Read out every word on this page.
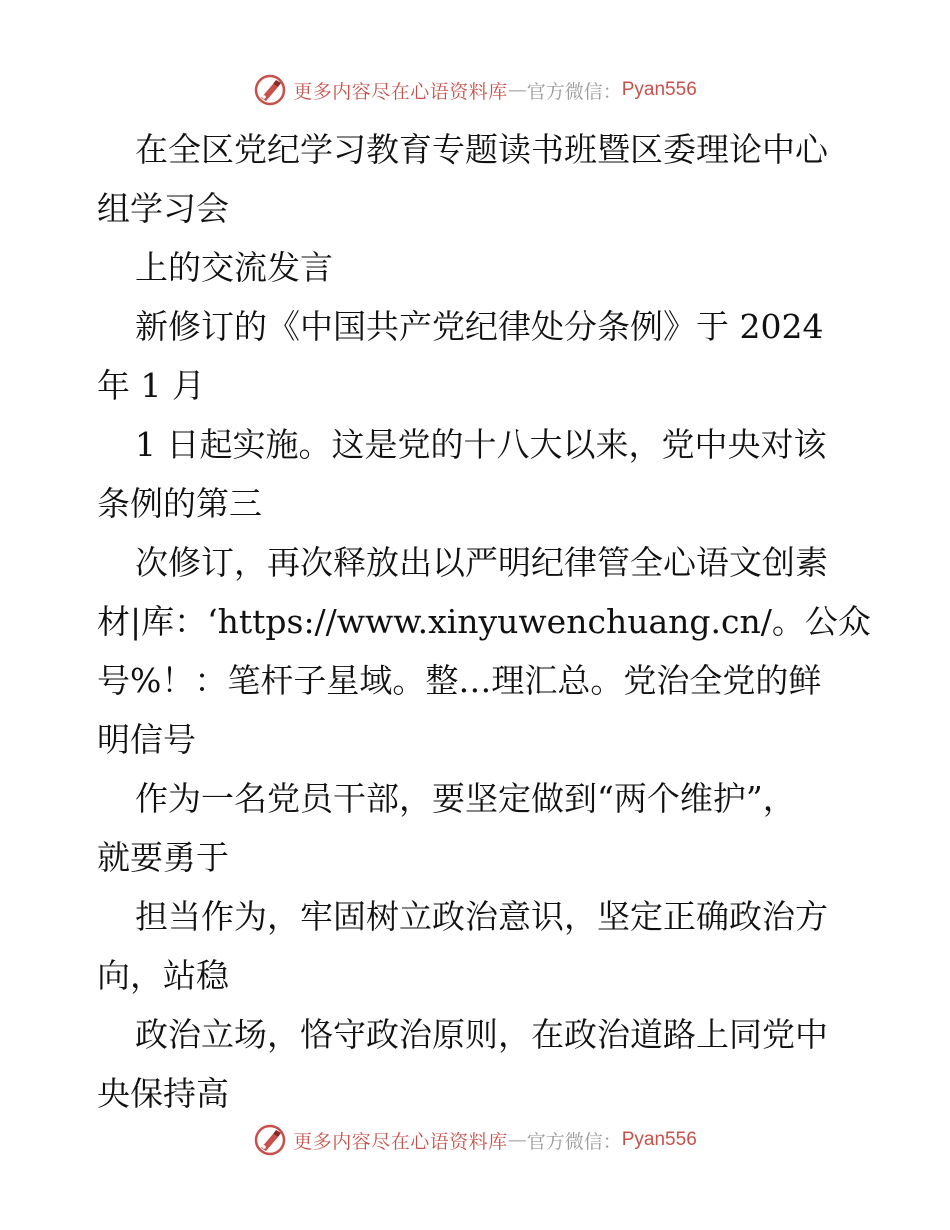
更多内容尽在心语资料库 — 官方微信： Pyan556
在全区党纪学习教育专题读书班暨区委理论中心
组学习会
上的交流发言
新修订的《中国共产党纪律处分条例》于 2024
年 1 月
1 日起实施。这是党的十八大以来，党中央对该
条例的第三
次修订，再次释放出以严明纪律管全心语文创素
材|库：‘https://www.xinyuwenchuang.cn/。公众
号%！：笔杆子星域。整…理汇总。党治全党的鲜
明信号
作为一名党员干部，要坚定做到“两个维护”，
就要勇于
担当作为，牢固树立政治意识，坚定正确政治方
向，站稳
政治立场，恪守政治原则，在政治道路上同党中
央保持高
更多内容尽在心语资料库 — 官方微信： Pyan556
